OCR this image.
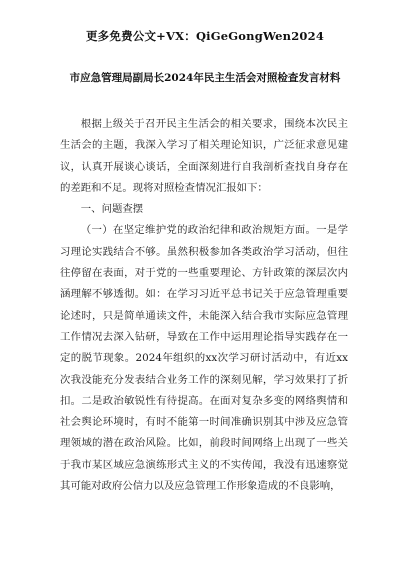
更多免费公文+VX：QiGeGongWen2024
市应急管理局副局长2024年民主生活会对照检查发言材料

根据上级关于召开民主生活会的相关要求，围绕本次民主生活会的主题，我深入学习了相关理论知识，广泛征求意见建议，认真开展谈心谈话，全面深刻进行自我剖析查找自身存在的差距和不足。现将对照检查情况汇报如下：

一、问题查摆

（一）在坚定维护党的政治纪律和政治规矩方面。一是学习理论实践结合不够。虽然积极参加各类政治学习活动，但往往停留在表面，对于党的一些重要理论、方针政策的深层次内涵理解不够透彻。如：在学习习近平总书记关于应急管理重要论述时，只是简单通读文件，未能深入结合我市实际应急管理工作情况去深入钻研，导致在工作中运用理论指导实践存在一定的脱节现象。2024年组织的xx次学习研讨活动中，有近xx次我没能充分发表结合业务工作的深刻见解，学习效果打了折扣。二是政治敏锐性有待提高。在面对复杂多变的网络舆情和社会舆论环境时，有时不能第一时间准确识别其中涉及应急管理领域的潜在政治风险。比如，前段时间网络上出现了一些关于我市某区域应急演练形式主义的不实传闻，我没有迅速察觉其可能对政府公信力以及应急管理工作形象造成的不良影响，
